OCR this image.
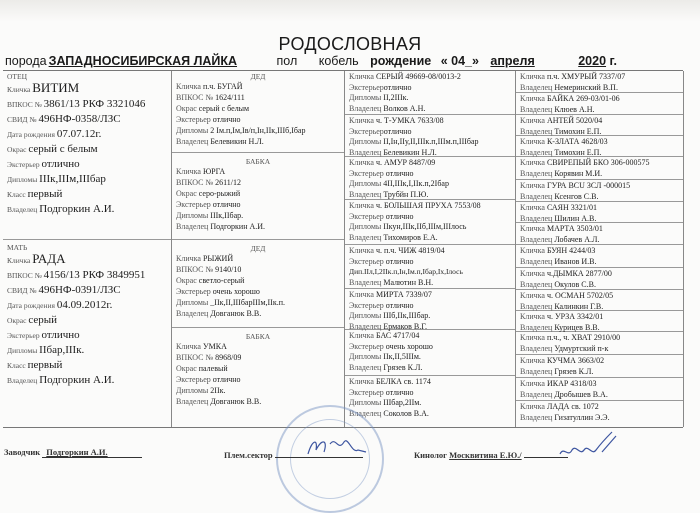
РОДОСЛОВНАЯ
порода ЗАПАДНОСИБИРСКАЯ ЛАЙКА	пол кобель рождение « 04_» апреля	2020 г.
ОТЕЦ
Кличка ВИТИМ
ВПКОС № 3861/13 РКФ 3321046
СВИД № 496НФ-0358/ЛЗС
Дата рождения 07.07.12г.
Окрас серый с белым
Экстерьер отлично
Дипломы IIIк,IIIм,IIIбар
Класс первый
Владелец Подгоркин А.И.
МАТЬ
Кличка РАДА
ВПКОС № 4156/13 РКФ 3849951
СВИД № 496НФ-0391/ЛЗС
Дата рождения 04.09.2012г.
Окрас серый
Экстерьер отлично
Дипломы IIбар,IIIк.
Класс первый
Владелец Подгоркин А.И.
ДЕД
Кличка п.ч. БУГАЙ
ВПКОС № 1624/111
Окрас серый с белым
Экстерьер отлично
Дипломы 2 Iм.п,Iм,Iв/п,Iн,IIк,IIIб,Iбар
Владелец Белевикин Н.Л.
БАБКА
Кличка ЮРГА
ВПКОС № 2611/12
Окрас серо-рыжий
Экстерьер отлично
Дипломы IIIк,IIбар.
Владелец Подгоркин А.И.
ДЕД
Кличка РЫЖИЙ
ВПКОС № 9140/10
Окрас светло-серый
Экстерьер очень хорошо
Дипломы _IIк,II,IIIбарIIIм,IIк.п.
Владелец Довганюк В.В.
БАБКА
Кличка УМКА
ВПКОС № 8968/09
Окрас палевый
Экстерьер отлично
Дипломы 2IIк.
Владелец Довганюк В.В.
Кличка СЕРЫЙ 49669-08/0013-2
Экстерьеротлично
Дипломы II,2IIIк.
Владелец Волков А.Н.
Кличка ч. Т-УМКА 7633/08
Экстерьеротлично
Дипломы II,Iн,IIу,II,IIIк.п,IIIм.п,IIIбар
Владелец Белевикин Н.Л.
Кличка ч. АМУР 8487/09
Экстерьер отлично
Дипломы 4II,IIIк,I,IIк.п,2Iбар
Владелец Трубйн П.Ю.
Кличка ч. БОЛЬШАЯ ПРУХА 7553/08
Экстерьер отлично
Дипломы IIкун,IIIк,IIб,IIIм,IIIлось
Владелец Тихомиров Е.А.
Кличка ч. п.ч. ЧИЖ 4819/04
Экстерьер отлично
Дип.IIл,I,2IIк.п,Iн,Iм.п,Iбар,Iх,Iлось
Владелец Малютин В.Н.
Кличка МИРТА 7339/07
Экстерьер отлично
Дипломы IIIб,IIк,IIIбар.
Владелец Ермаков В.Г.
Кличка БАС 4717/04
Экстерьер очень хорошо
Дипломы IIк,II,5IIIм.
Владелец Грязев К.Л.
Кличка БЕЛКА св. 1174
Экстерьер отлично
Дипломы IIIбар,2IIм.
Владелец Соколов В.А.
Кличка п.ч. ХМУРЫЙ 7337/07
Владелец Немеринский В.П.
Кличка БАЙКА 269-03/01-06
Владелец Клюев А.Н.
Кличка АНТЕЙ 5020/04
Владелец Тимохин Е.П.
Кличка К-ЗЛАТА 4628/03
Владелец Тимохин Е.П.
Кличка СВИРЕПЫЙ БКО 306-000575
Владелец Корявин М.И.
Кличка ГУРА ВСU ЗСЛ -000015
Владелец Ксенгов С.В.
Кличка САЯН 3321/01
Владелец Шилин А.В.
Кличка МАРТА 3503/01
Владелец Лобачев А.Л.
Кличка БУЯН 4244/03
Владелец Иванов И.В.
Кличка ч.ДЫМКА 2877/00
Владелец Окулов С.В.
Кличка ч. ОСМАН 5702/05
Владелец Калинкин Г.В.
Кличка ч. УРЗА 3342/01
Владелец Курицев В.В.
Кличка п.ч., ч. ХВАТ 2910/00
Владелец Удмуртский п-к
Кличка КУЧМА 3663/02
Владелец Грязев К.Л.
Кличка ИКАР 4318/03
Владелец Дробышев В.А.
Кличка ЛАДА св. 1072
Владелец Гизатуллин Э.Э.
Заводчик Подгоркин А.И.	Плем.сектор	Кинолог Москвитина Е.Ю./
